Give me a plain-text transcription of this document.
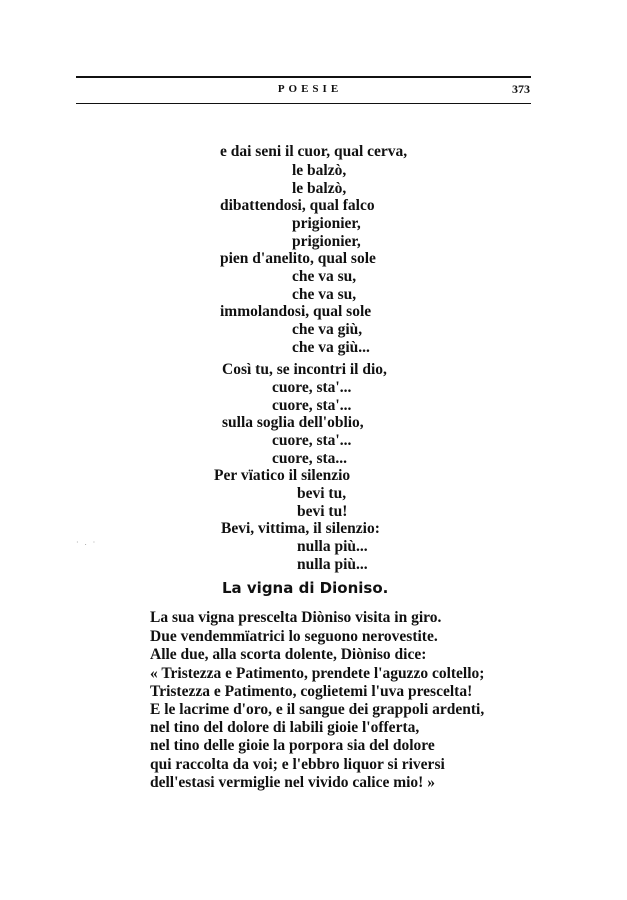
POESIE	373
e dai seni il cuor, qual cerva,
le balzò,
le balzò,
dibattendosi, qual falco
prigionier,
prigionier,
pien d'anelito, qual sole
che va su,
che va su,
immolandosi, qual sole
che va giù,
che va giù...
Così tu, se incontri il dio,
cuore, sta'...
cuore, sta'...
sulla soglia dell'oblio,
cuore, sta'...
cuore, sta...
Per vïatico il silenzio
bevi tu,
bevi tu!
Bevi, vittima, il silenzio:
nulla più...
nulla più...
· . ·
La vigna di Dioniso.
La sua vigna prescelta Diòniso visita in giro.
Due vendemmïatrici lo seguono nerovestite.
Alle due, alla scorta dolente, Diòniso dice:
« Tristezza e Patimento, prendete l'aguzzo coltello;
Tristezza e Patimento, coglietemi l'uva prescelta!
E le lacrime d'oro, e il sangue dei grappoli ardenti,
nel tino del dolore di labili gioie l'offerta,
nel tino delle gioie la porpora sia del dolore
qui raccolta da voi; e l'ebbro liquor si riversi
dell'estasi vermiglie nel vivido calice mio! »
